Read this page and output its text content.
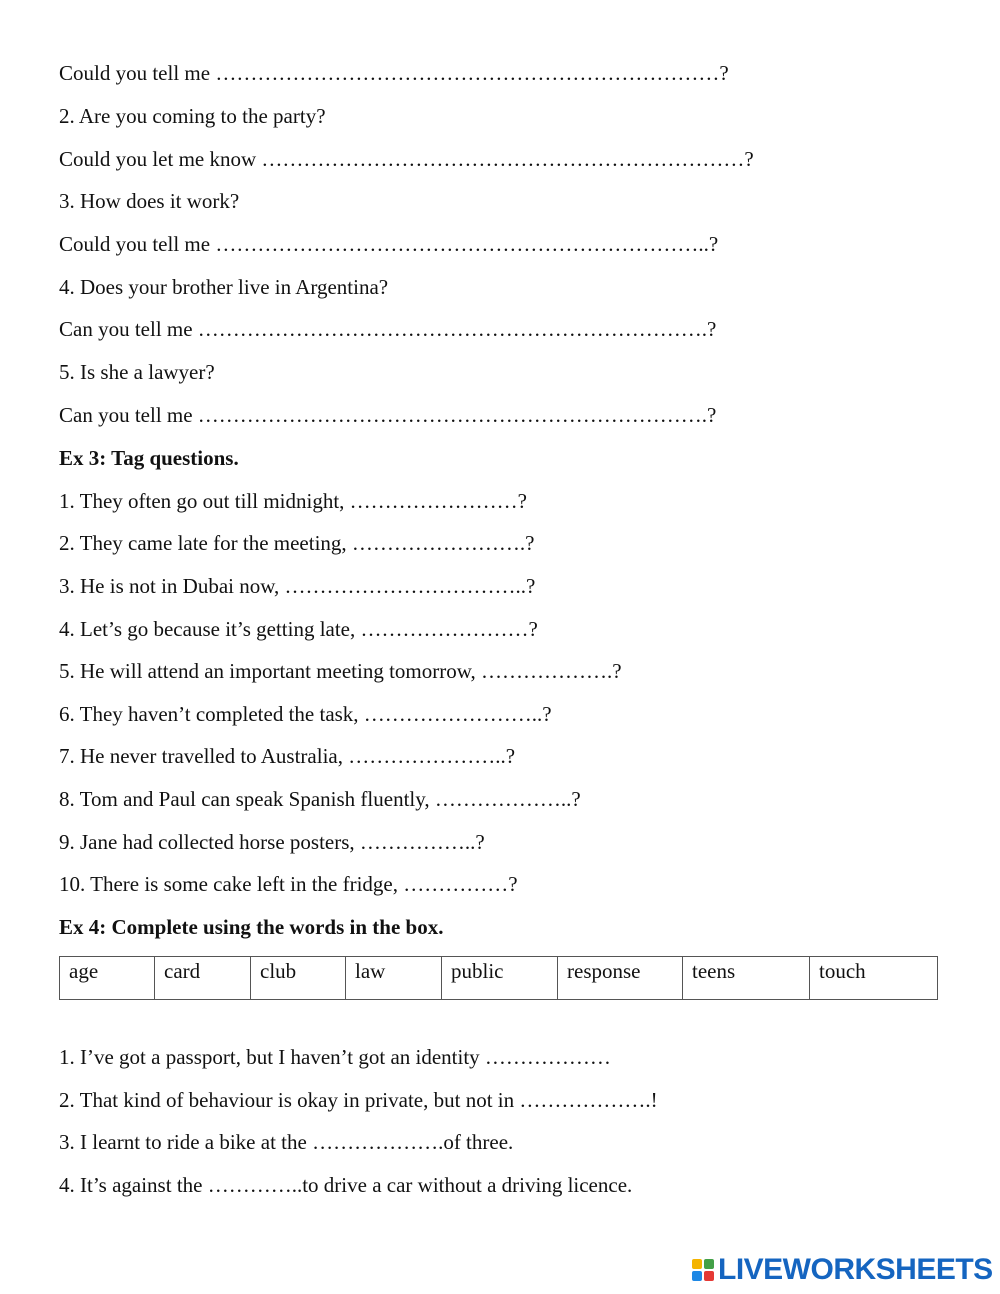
Could you tell me ………………………………………………………………?
2. Are you coming to the party?
Could you let me know ……………………………………………………………?
3. How does it work?
Could you tell me ……………………………………………………………..?
4. Does your brother live in Argentina?
Can you tell me ……………………………………………………………….?
5. Is she a lawyer?
Can you tell me ……………………………………………………………….?
Ex 3: Tag questions.
1. They often go out till midnight, ……………………?
2. They came late for the meeting, …………………….?
3. He is not in Dubai now, ……………………………..?
4. Let’s go because it’s getting late, ……………………?
5. He will attend an important meeting tomorrow, ……………….?
6. They haven’t completed the task, ……………………..?
7. He never travelled to Australia, …………………..?
8. Tom and Paul can speak Spanish fluently, ………………..?
9. Jane had collected horse posters, ……………..?
10. There is some cake left in the fridge, ……………?
Ex 4: Complete using the words in the box.
age	card	club	law	public	response	teens	touch
1. I’ve got a passport, but I haven’t got an identity ………………
2. That kind of behaviour is okay in private, but not in ……………….!
3. I learnt to ride a bike at the ……………….of three.
4. It’s against the …………..to drive a car without a driving licence.
LIVEWORKSHEETS
